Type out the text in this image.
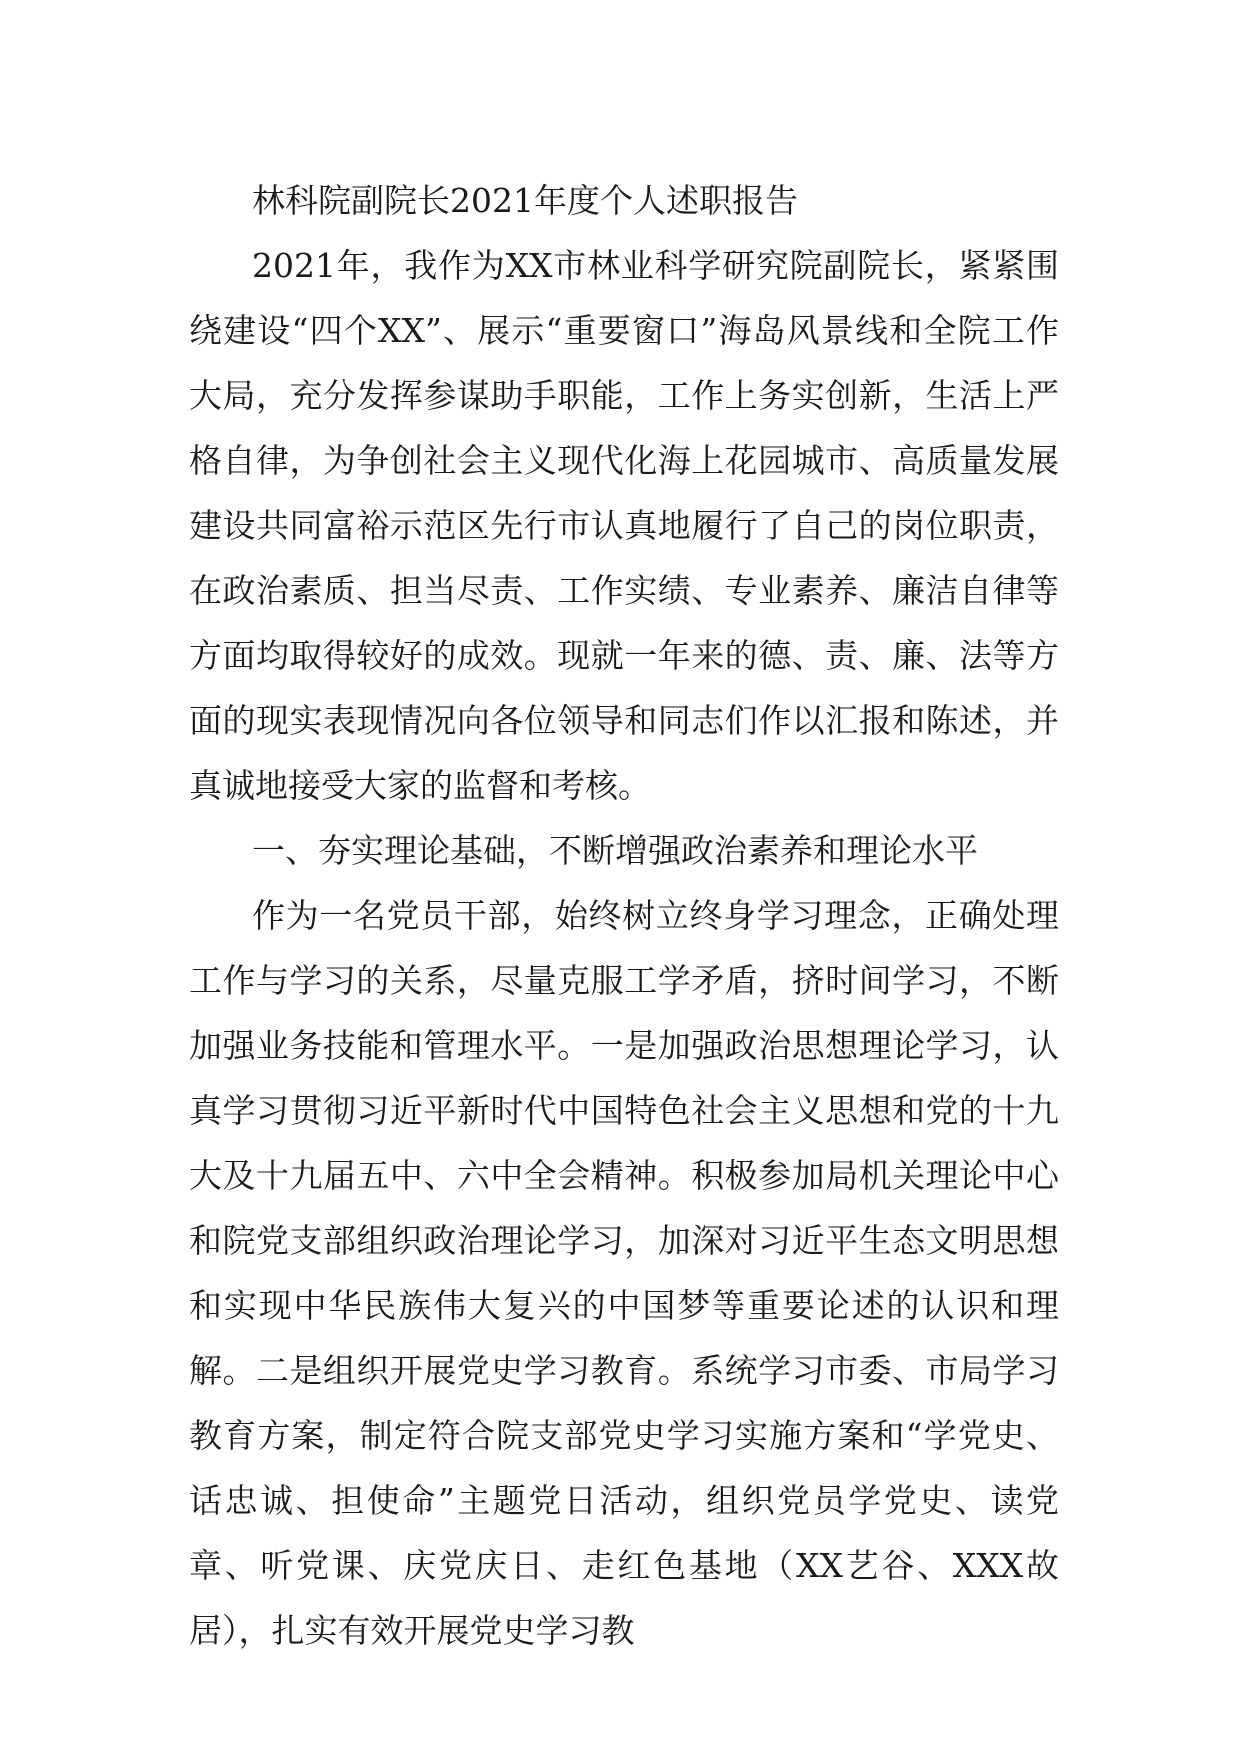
林科院副院长2021年度个人述职报告

2021年，我作为XX市林业科学研究院副院长，紧紧围绕建设“四个XX”、展示“重要窗口”海岛风景线和全院工作大局，充分发挥参谋助手职能，工作上务实创新，生活上严格自律，为争创社会主义现代化海上花园城市、高质量发展建设共同富裕示范区先行市认真地履行了自己的岗位职责，在政治素质、担当尽责、工作实绩、专业素养、廉洁自律等方面均取得较好的成效。现就一年来的德、责、廉、法等方面的现实表现情况向各位领导和同志们作以汇报和陈述，并真诚地接受大家的监督和考核。

一、夯实理论基础，不断增强政治素养和理论水平

作为一名党员干部，始终树立终身学习理念，正确处理工作与学习的关系，尽量克服工学矛盾，挤时间学习，不断加强业务技能和管理水平。一是加强政治思想理论学习，认真学习贯彻习近平新时代中国特色社会主义思想和党的十九大及十九届五中、六中全会精神。积极参加局机关理论中心和院党支部组织政治理论学习，加深对习近平生态文明思想和实现中华民族伟大复兴的中国梦等重要论述的认识和理解。二是组织开展党史学习教育。系统学习市委、市局学习教育方案，制定符合院支部党史学习实施方案和“学党史、话忠诚、担使命”主题党日活动，组织党员学党史、读党章、听党课、庆党庆日、走红色基地（XX艺谷、XXX故居），扎实有效开展党史学习教
